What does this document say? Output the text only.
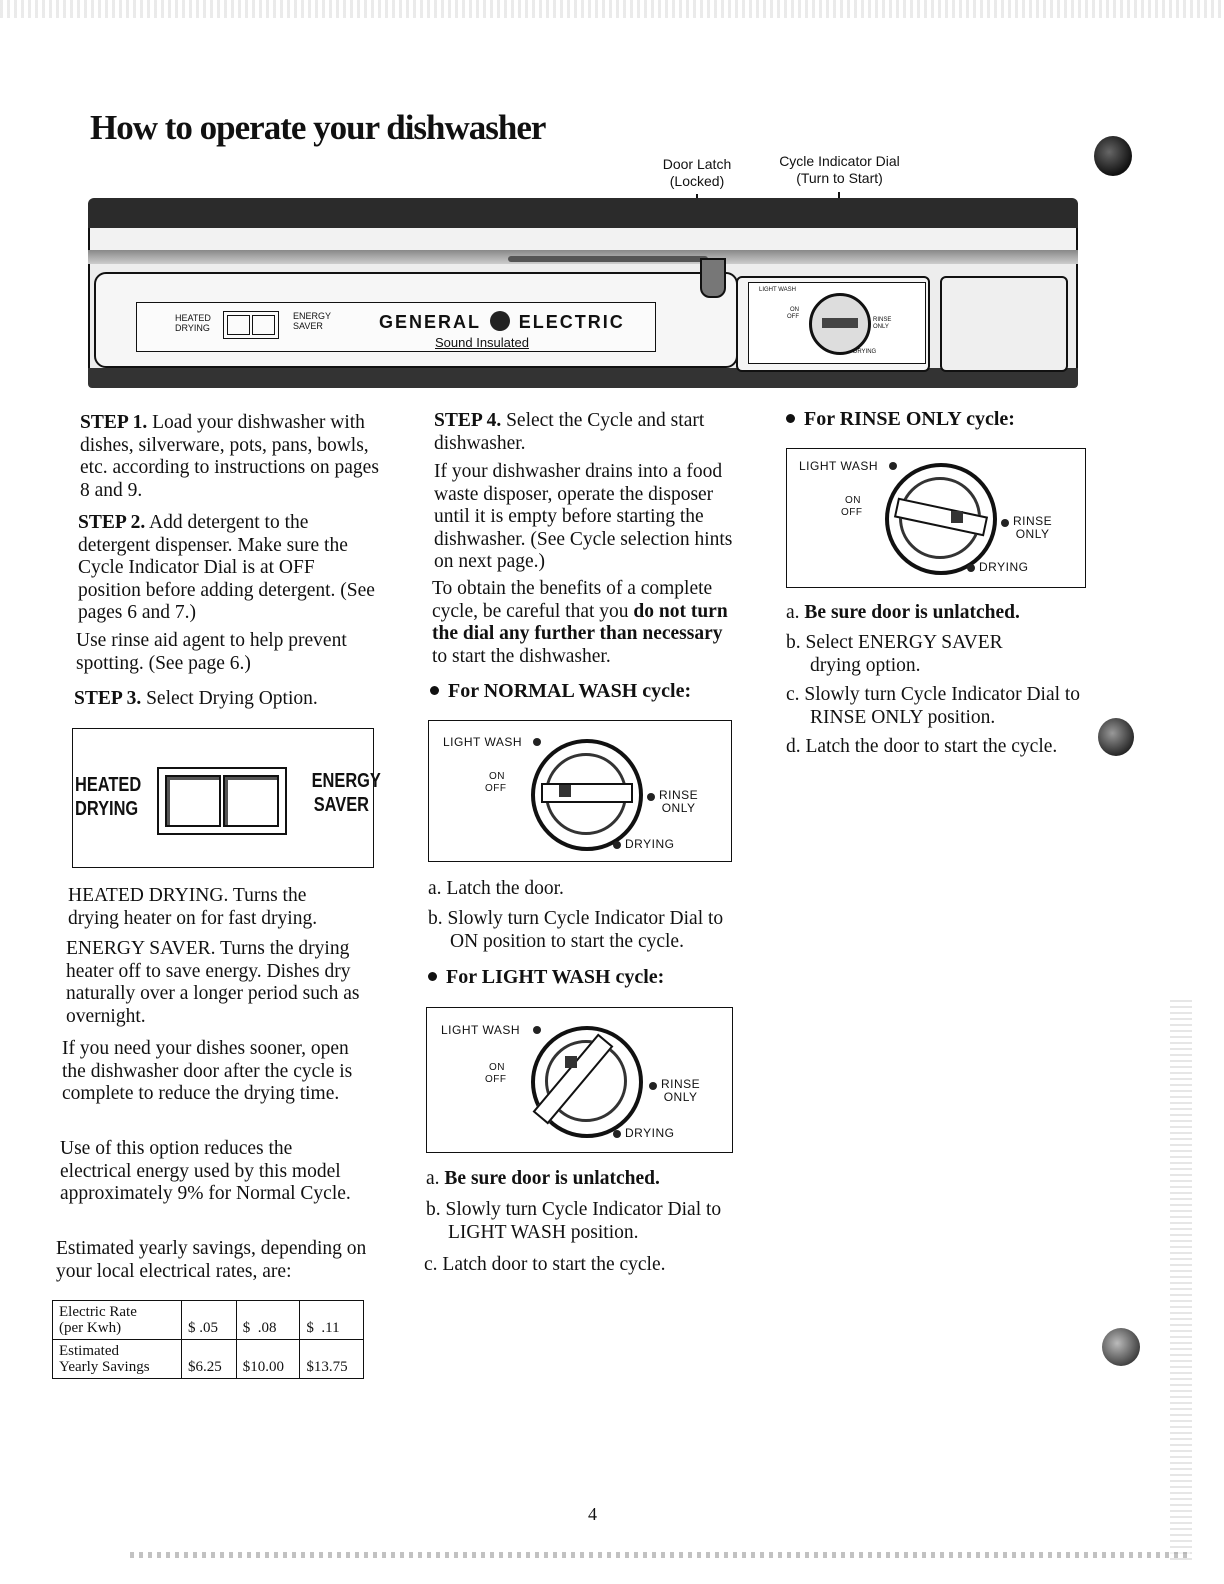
How to operate your dishwasher
Door Latch
(Locked)
Cycle Indicator Dial
(Turn to Start)
HEATED
DRYING
ENERGY
SAVER	GENERAL ELECTRIC
Sound Insulated
LIGHT WASH
ON
OFF	RINSE
ONLY
DRYING
STEP 1. Load your dishwasher with dishes, silverware, pots, pans, bowls, etc. according to instructions on pages 8 and 9.
STEP 2. Add detergent to the detergent dispenser. Make sure the Cycle Indicator Dial is at OFF position before adding detergent. (See pages 6 and 7.)
Use rinse aid agent to help prevent spotting. (See page 6.)
STEP 3. Select Drying Option.
HEATED
DRYING
ENERGY
SAVER
HEATED DRYING. Turns the drying heater on for fast drying.
ENERGY SAVER. Turns the drying heater off to save energy. Dishes dry naturally over a longer period such as overnight.
If you need your dishes sooner, open the dishwasher door after the cycle is complete to reduce the drying time.
Use of this option reduces the electrical energy used by this model approximately 9% for Normal Cycle.
Estimated yearly savings, depending on your local electrical rates, are:
Electric Rate
(per Kwh)	$ .05	$  .08	$  .11

Estimated
Yearly Savings	$6.25	$10.00	$13.75
STEP 4. Select the Cycle and start dishwasher.
If your dishwasher drains into a food waste disposer, operate the disposer until it is empty before starting the dishwasher. (See Cycle selection hints on next page.)
To obtain the benefits of a complete cycle, be careful that you do not turn the dial any further than necessary to start the dishwasher.
For NORMAL WASH cycle:
LIGHT WASH
ON
OFF	RINSE
ONLY
DRYING
a. Latch the door.
b. Slowly turn Cycle Indicator Dial to ON position to start the cycle.
For LIGHT WASH cycle:
LIGHT WASH
ON
OFF	RINSE
ONLY
DRYING
a. Be sure door is unlatched.
b. Slowly turn Cycle Indicator Dial to LIGHT WASH position.
c. Latch door to start the cycle.
For RINSE ONLY cycle:
LIGHT WASH
ON
OFF
RINSE
ONLY
DRYING
a. Be sure door is unlatched.
b. Select ENERGY SAVER drying option.
c. Slowly turn Cycle Indicator Dial to RINSE ONLY position.
d. Latch the door to start the cycle.
4
